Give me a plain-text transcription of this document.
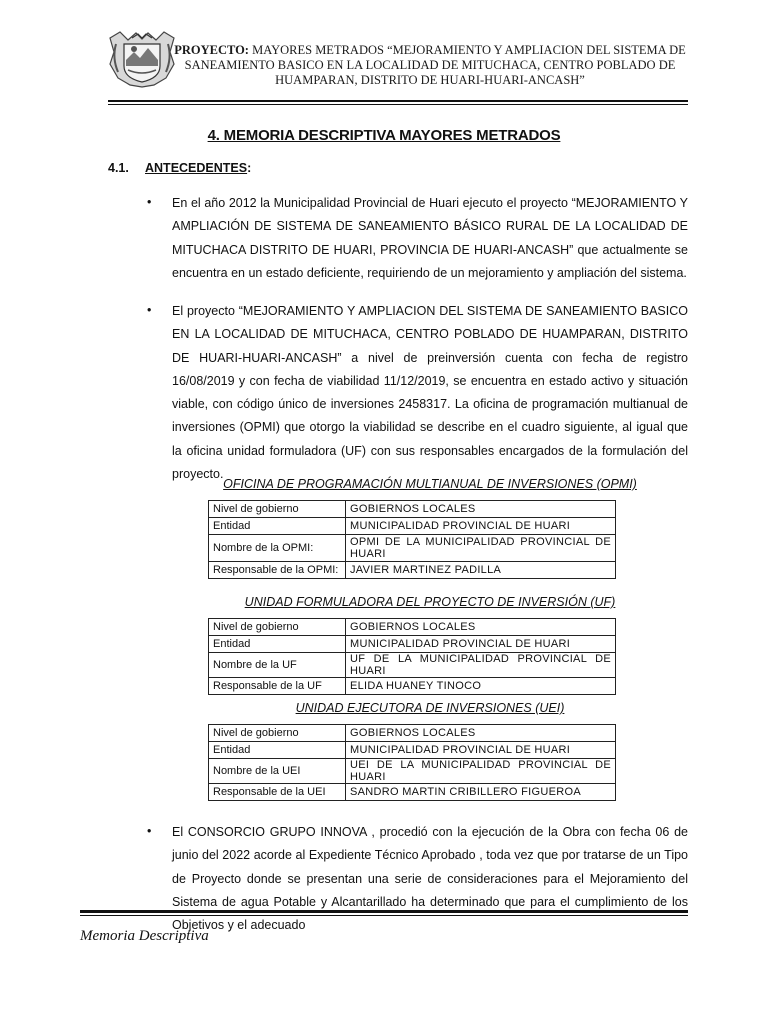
PROYECTO: MAYORES METRADOS “MEJORAMIENTO Y AMPLIACION DEL SISTEMA DE SANEAMIENTO BASICO EN LA LOCALIDAD DE MITUCHACA, CENTRO POBLADO DE HUAMPARAN, DISTRITO DE HUARI-HUARI-ANCASH”
4. MEMORIA DESCRIPTIVA MAYORES METRADOS
4.1. ANTECEDENTES:
• En el año 2012 la Municipalidad Provincial de Huari ejecuto el proyecto “MEJORAMIENTO Y AMPLIACIÓN DE SISTEMA DE SANEAMIENTO BÁSICO RURAL DE LA LOCALIDAD DE MITUCHACA DISTRITO DE HUARI, PROVINCIA DE HUARI-ANCASH” que actualmente se encuentra en un estado deficiente, requiriendo de un mejoramiento y ampliación del sistema.
• El proyecto “MEJORAMIENTO Y AMPLIACION DEL SISTEMA DE SANEAMIENTO BASICO EN LA LOCALIDAD DE MITUCHACA, CENTRO POBLADO DE HUAMPARAN, DISTRITO DE HUARI-HUARI-ANCASH” a nivel de preinversión cuenta con fecha de registro 16/08/2019 y con fecha de viabilidad 11/12/2019, se encuentra en estado activo y situación viable, con código único de inversiones 2458317. La oficina de programación multianual de inversiones (OPMI) que otorgo la viabilidad se describe en el cuadro siguiente, al igual que la oficina unidad formuladora (UF) con sus responsables encargados de la formulación del proyecto.
OFICINA DE PROGRAMACIÓN MULTIANUAL DE INVERSIONES (OPMI)
Nivel de gobierno	GOBIERNOS LOCALES
Entidad	MUNICIPALIDAD PROVINCIAL DE HUARI
Nombre de la OPMI:	OPMI DE LA MUNICIPALIDAD PROVINCIAL DE HUARI
Responsable de la OPMI:	JAVIER MARTINEZ PADILLA
UNIDAD FORMULADORA DEL PROYECTO DE INVERSIÓN (UF)
Nivel de gobierno	GOBIERNOS LOCALES
Entidad	MUNICIPALIDAD PROVINCIAL DE HUARI
Nombre de la UF	UF DE LA MUNICIPALIDAD PROVINCIAL DE HUARI
Responsable de la UF	ELIDA HUANEY TINOCO
UNIDAD EJECUTORA DE INVERSIONES (UEI)
Nivel de gobierno	GOBIERNOS LOCALES
Entidad	MUNICIPALIDAD PROVINCIAL DE HUARI
Nombre de la UEI	UEI DE LA MUNICIPALIDAD PROVINCIAL DE HUARI
Responsable de la UEI	SANDRO MARTIN CRIBILLERO FIGUEROA
• El CONSORCIO GRUPO INNOVA , procedió con la ejecución de la Obra con fecha 06 de junio del 2022 acorde al Expediente Técnico Aprobado , toda vez que por tratarse de un Tipo de Proyecto donde se presentan una serie de consideraciones para el Mejoramiento del Sistema de agua Potable y Alcantarillado ha determinado que para el cumplimiento de los Objetivos y el adecuado
Memoria Descriptiva
